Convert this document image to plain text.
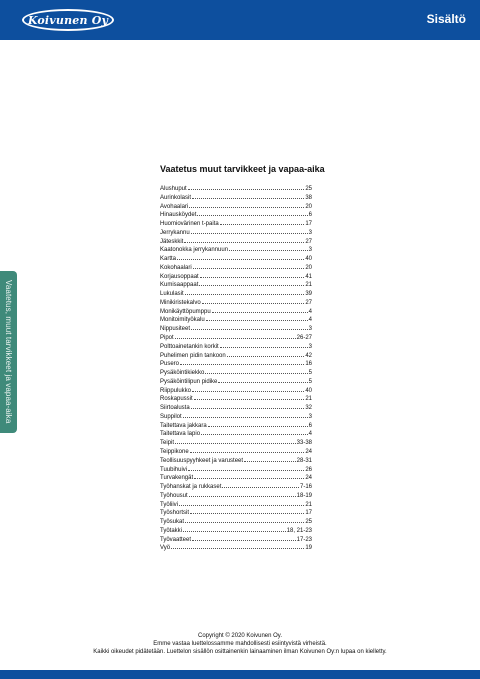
Koivunen Oy	Sisältö
Vaatetus, muut tarvikkeet ja vapaa-aika
Vaatetus muut tarvikkeet ja vapaa-aika
Alushuput	25
Aurinkolasit	38
Avohaalari	20
Hinausköydet	6
Huomiovärinen t-paita	17
Jerrykannu	3
Jäteskkit	27
Kaatonokka jerrykannuun	3
Kartta	40
Kokohaalari	20
Korjausoppaat	41
Kumisaappaat	21
Lukulasit	39
Minikiristekalvo	27
Monikäyttöpumppu	4
Monitoimityökalu	4
Nippusiteet	3
Pipot	26-27
Polttoainetankin korkit	3
Puhelimen pidin tankoon	42
Pusero	16
Pysäköintikiekko	5
Pysäköintilipun pidike	5
Riippulukko	40
Roskapussit	21
Siirtoalusta	32
Suppilot	3
Taitettava jakkara	6
Taitettava lapio	4
Teipit	33-38
Teippikone	24
Teollisuuspyyhkeet ja varusteet	28-31
Tuubihuivi	26
Turvakengät	24
Työhanskat ja rukkaset	7-16
Työhousut	18-19
Työliivi	21
Työshortsit	17
Työsukat	25
Työtakki	18, 21-23
Työvaatteet	17-23
Vyö	19
Copyright © 2020 Koivunen Oy.
Emme vastaa luettelossamme mahdollisesti esiintyvistä virheistä.
Kaikki oikeudet pidätetään. Luettelon sisällön osittainenkin lainaaminen ilman Koivunen Oy:n lupaa on kielletty.
